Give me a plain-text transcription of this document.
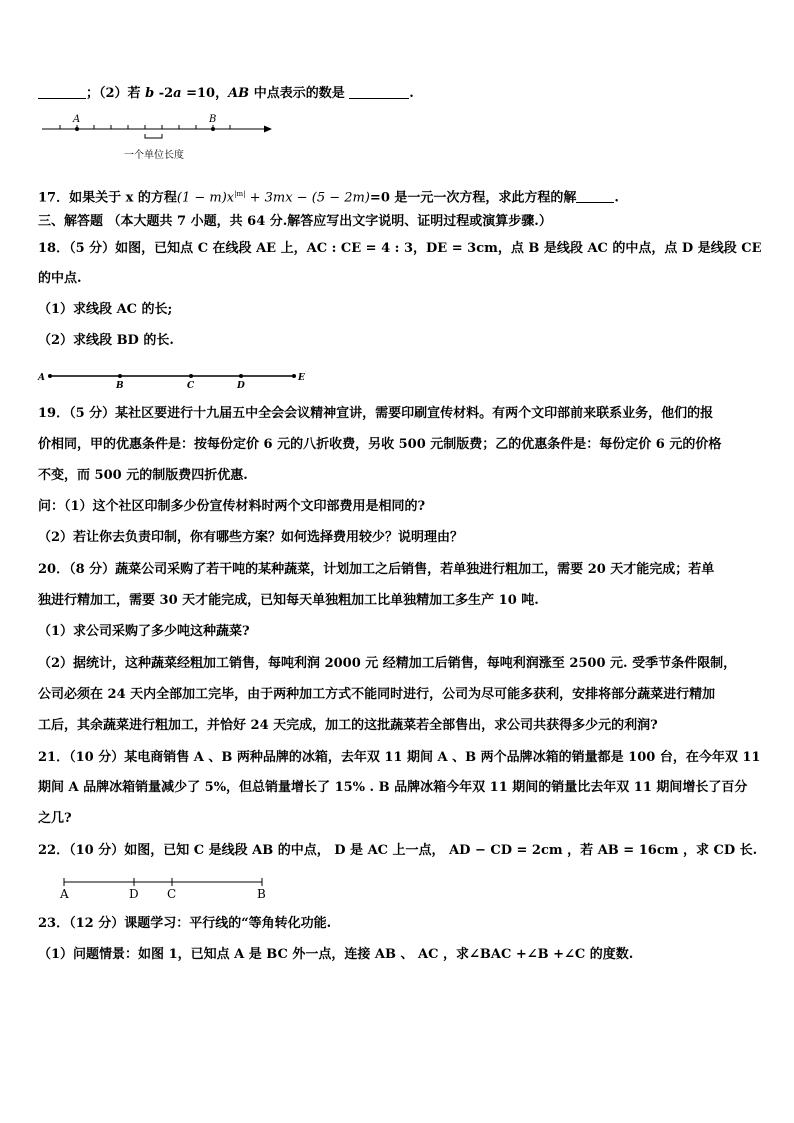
；（2）若 b -2a =10，AB 中点表示的数是	.
A	B
一个单位长度
17．如果关于 x 的方程$(1 - m)x^{|m|} + 3mx - (5 - 2m)=0$ 是一元一次方程，求此方程的解	.
三、解答题 （本大题共 7 小题，共 64 分.解答应写出文字说明、证明过程或演算步骤.）
18．（5 分）如图，已知点 C 在线段 AE 上，AC : CE = 4 : 3，DE = 3cm，点 B 是线段 AC 的中点，点 D 是线段 CE
的中点.
（1）求线段 AC 的长;
（2）求线段 BD 的长.
A
B	C	D
E
19．（5 分）某社区要进行十九届五中全会会议精神宣讲，需要印刷宣传材料。有两个文印部前来联系业务，他们的报
价相同，甲的优惠条件是：按每份定价 6 元的八折收费，另收 500 元制版费；乙的优惠条件是：每份定价 6 元的价格
不变，而 500 元的制版费四折优惠.
问：（1）这个社区印制多少份宣传材料时两个文印部费用是相同的?
（2）若让你去负责印制，你有哪些方案？如何选择费用较少？说明理由？
20．（8 分）蔬菜公司采购了若干吨的某种蔬菜，计划加工之后销售，若单独进行粗加工，需要 20 天才能完成；若单
独进行精加工，需要 30 天才能完成，已知每天单独粗加工比单独精加工多生产 10 吨.
（1）求公司采购了多少吨这种蔬菜?
（2）据统计，这种蔬菜经粗加工销售，每吨利润 2000 元 经精加工后销售，每吨利润涨至 2500 元. 受季节条件限制，
公司必须在 24 天内全部加工完毕，由于两种加工方式不能同时进行，公司为尽可能多获利，安排将部分蔬菜进行精加
工后，其余蔬菜进行粗加工，并恰好 24 天完成，加工的这批蔬菜若全部售出，求公司共获得多少元的利润?
21．（10 分）某电商销售 A 、B 两种品牌的冰箱，去年双 11 期间 A 、B 两个品牌冰箱的销量都是 100 台，在今年双 11
期间 A 品牌冰箱销量减少了 5%，但总销量增长了 15% . B 品牌冰箱今年双 11 期间的销量比去年双 11 期间增长了百分
之几?
22．（10 分）如图，已知 C 是线段 AB 的中点， D 是 AC 上一点， AD − CD = 2cm ，若 AB = 16cm ，求 CD 长.
A	D C	B
23．（12 分）课题学习：平行线的“等角转化功能.
（1）问题情景：如图 1，已知点 A 是 BC 外一点，连接 AB 、 AC ，求∠BAC +∠B +∠C 的度数.
